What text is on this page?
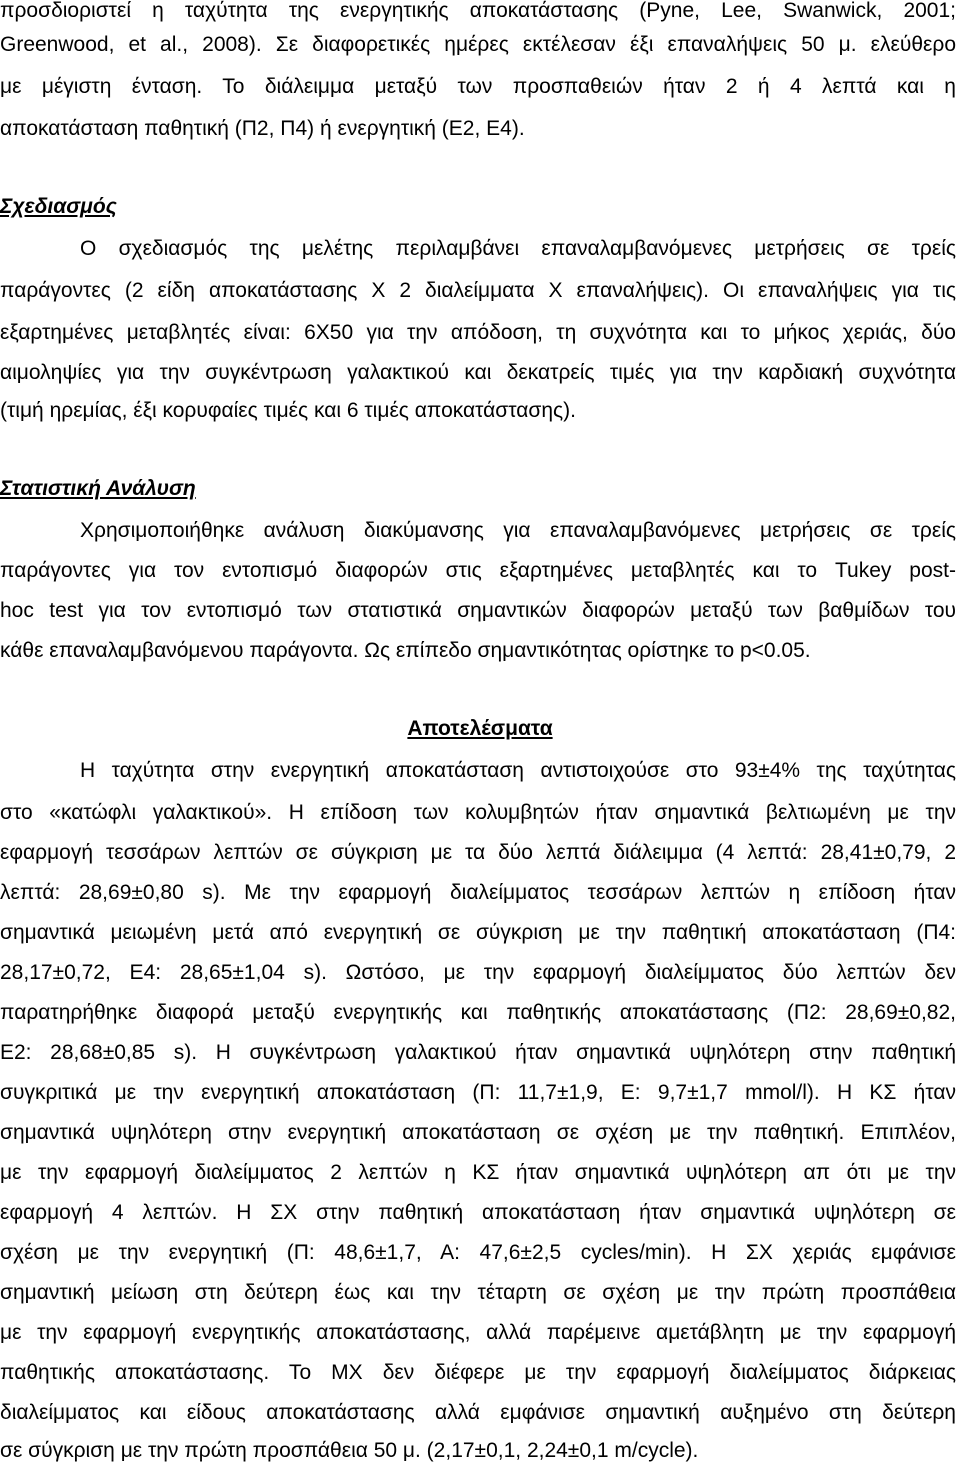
προσδιοριστεί η ταχύτητα της ενεργητικής αποκατάστασης (Pyne, Lee, Swanwick, 2001;
Greenwood, et al., 2008). Σε διαφορετικές ημέρες εκτέλεσαν έξι επαναλήψεις 50 μ. ελεύθερο
με μέγιστη ένταση. Το διάλειμμα μεταξύ των προσπαθειών ήταν 2 ή 4 λεπτά και η
αποκατάσταση παθητική (Π2, Π4) ή ενεργητική (Ε2, Ε4).
Σχεδιασμός
Ο σχεδιασμός της μελέτης περιλαμβάνει επαναλαμβανόμενες μετρήσεις σε τρείς
παράγοντες (2 είδη αποκατάστασης Χ 2 διαλείμματα Χ επαναλήψεις). Οι επαναλήψεις για τις
εξαρτημένες μεταβλητές είναι: 6Χ50 για την απόδοση, τη συχνότητα και το μήκος χεριάς, δύο
αιμοληψίες για την συγκέντρωση γαλακτικού και δεκατρείς τιμές για την καρδιακή συχνότητα
(τιμή ηρεμίας, έξι κορυφαίες τιμές και 6 τιμές αποκατάστασης).
Στατιστική Ανάλυση
Χρησιμοποιήθηκε ανάλυση διακύμανσης για επαναλαμβανόμενες μετρήσεις σε τρείς
παράγοντες για τον εντοπισμό διαφορών στις εξαρτημένες μεταβλητές και το Tukey post-
hoc test για τον εντοπισμό των στατιστικά σημαντικών διαφορών μεταξύ των βαθμίδων του
κάθε επαναλαμβανόμενου παράγοντα. Ως επίπεδο σημαντικότητας ορίστηκε το p<0.05.
Αποτελέσματα
Η ταχύτητα στην ενεργητική αποκατάσταση αντιστοιχούσε στο 93±4% της ταχύτητας
στο «κατώφλι γαλακτικού». Η επίδοση των κολυμβητών ήταν σημαντικά βελτιωμένη με την
εφαρμογή τεσσάρων λεπτών σε σύγκριση με τα δύο λεπτά διάλειμμα (4 λεπτά: 28,41±0,79, 2
λεπτά: 28,69±0,80 s). Με την εφαρμογή διαλείμματος τεσσάρων λεπτών η επίδοση ήταν
σημαντικά μειωμένη μετά από ενεργητική σε σύγκριση με την παθητική αποκατάσταση (Π4:
28,17±0,72, Ε4: 28,65±1,04 s). Ωστόσο, με την εφαρμογή διαλείμματος δύο λεπτών δεν
παρατηρήθηκε διαφορά μεταξύ ενεργητικής και παθητικής αποκατάστασης (Π2: 28,69±0,82,
Ε2: 28,68±0,85 s). Η συγκέντρωση γαλακτικού ήταν σημαντικά υψηλότερη στην παθητική
συγκριτικά με την ενεργητική αποκατάσταση (Π: 11,7±1,9, Ε: 9,7±1,7 mmol/l). Η ΚΣ ήταν
σημαντικά υψηλότερη στην ενεργητική αποκατάσταση σε σχέση με την παθητική. Επιπλέον,
με την εφαρμογή διαλείμματος 2 λεπτών η ΚΣ ήταν σημαντικά υψηλότερη απ ότι με την
εφαρμογή 4 λεπτών. Η ΣΧ στην παθητική αποκατάσταση ήταν σημαντικά υψηλότερη σε
σχέση με την ενεργητική (Π: 48,6±1,7, Α: 47,6±2,5 cycles/min). Η ΣΧ χεριάς εμφάνισε
σημαντική μείωση στη δεύτερη έως και την τέταρτη σε σχέση με την πρώτη προσπάθεια
με την εφαρμογή ενεργητικής αποκατάστασης, αλλά παρέμεινε αμετάβλητη με την εφαρμογή
παθητικής αποκατάστασης. Το ΜΧ δεν διέφερε με την εφαρμογή διαλείμματος διάρκειας
διαλείμματος και είδους αποκατάστασης αλλά εμφάνισε σημαντική αυξημένο στη δεύτερη
σε σύγκριση με την πρώτη προσπάθεια 50 μ. (2,17±0,1, 2,24±0,1 m/cycle).
